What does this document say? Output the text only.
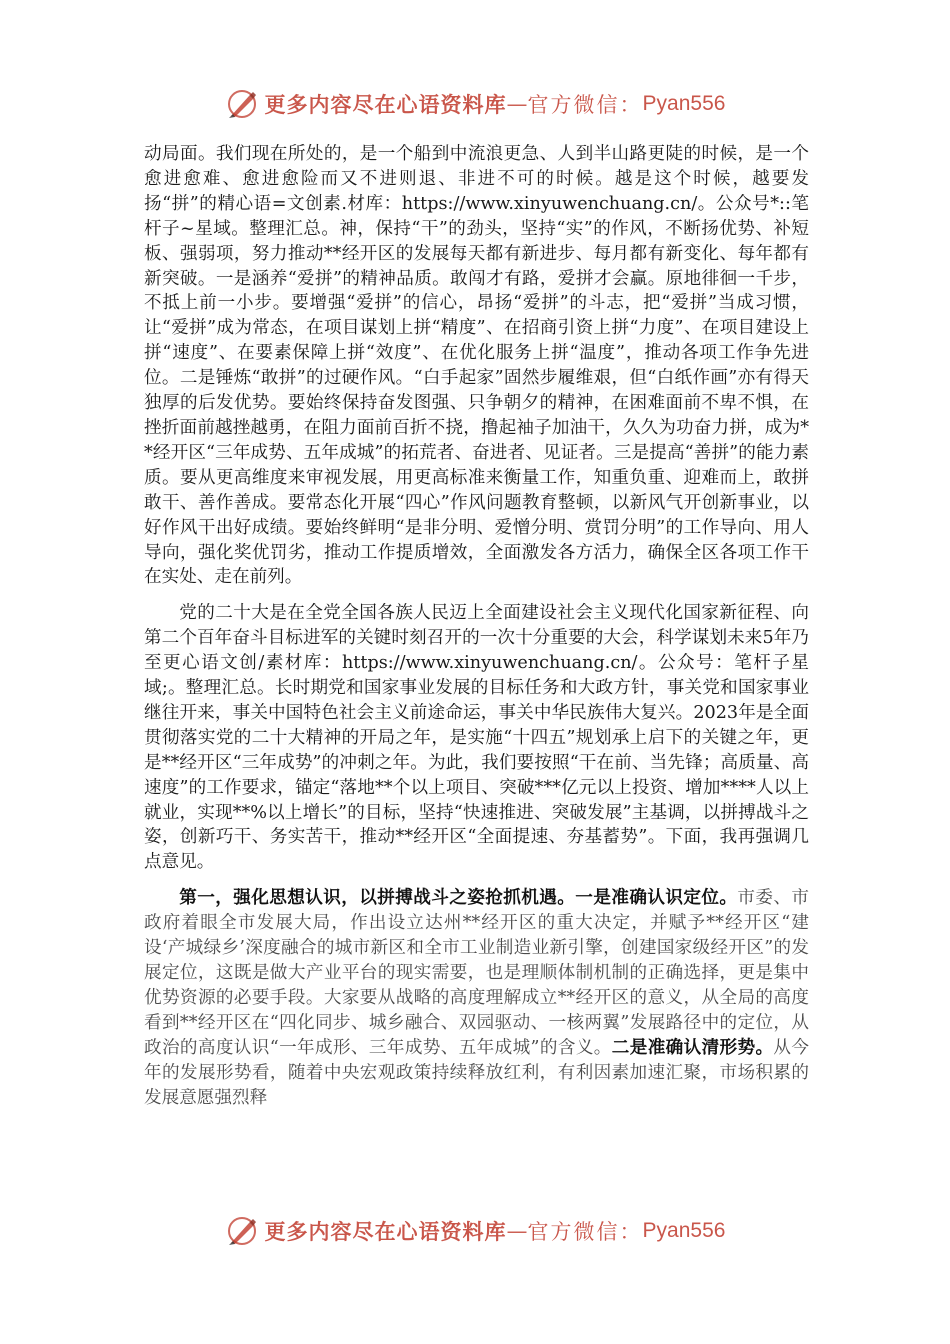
更多内容尽在心语资料库 — 官方微信： Pyan556

动局面。我们现在所处的，是一个船到中流浪更急、人到半山路更陡的时候，是一个愈进愈难、愈进愈险而又不进则退、非进不可的时候。越是这个时候，越要发扬“拼”的精心语=文创素.材库：https://www.xinyuwenchuang.cn/。公众号*::笔杆子~星域。整理汇总。神，保持“干”的劲头，坚持“实”的作风，不断扬优势、补短板、强弱项，努力推动**经开区的发展每天都有新进步、每月都有新变化、每年都有新突破。一是涵养“爱拼”的精神品质。敢闯才有路，爱拼才会赢。原地徘徊一千步，不抵上前一小步。要增强“爱拼”的信心，昂扬“爱拼”的斗志，把“爱拼”当成习惯，让“爱拼”成为常态，在项目谋划上拼“精度”、在招商引资上拼“力度”、在项目建设上拼“速度”、在要素保障上拼“效度”、在优化服务上拼“温度”，推动各项工作争先进位。二是锤炼“敢拼”的过硬作风。“白手起家”固然步履维艰，但“白纸作画”亦有得天独厚的后发优势。要始终保持奋发图强、只争朝夕的精神，在困难面前不卑不惧，在挫折面前越挫越勇，在阻力面前百折不挠，撸起袖子加油干，久久为功奋力拼，成为**经开区“三年成势、五年成城”的拓荒者、奋进者、见证者。三是提高“善拼”的能力素质。要从更高维度来审视发展，用更高标准来衡量工作，知重负重、迎难而上，敢拼敢干、善作善成。要常态化开展“四心”作风问题教育整顿，以新风气开创新事业，以好作风干出好成绩。要始终鲜明“是非分明、爱憎分明、赏罚分明”的工作导向、用人导向，强化奖优罚劣，推动工作提质增效，全面激发各方活力，确保全区各项工作干在实处、走在前列。

党的二十大是在全党全国各族人民迈上全面建设社会主义现代化国家新征程、向第二个百年奋斗目标进军的关键时刻召开的一次十分重要的大会，科学谋划未来5年乃至更心语文创/素材库：https://www.xinyuwenchuang.cn/。公众号：笔杆子星域;。整理汇总。长时期党和国家事业发展的目标任务和大政方针，事关党和国家事业继往开来，事关中国特色社会主义前途命运，事关中华民族伟大复兴。2023年是全面贯彻落实党的二十大精神的开局之年，是实施“十四五”规划承上启下的关键之年，更是**经开区“三年成势”的冲刺之年。为此，我们要按照“干在前、当先锋；高质量、高速度”的工作要求，锚定“落地**个以上项目、突破***亿元以上投资、增加****人以上就业，实现**%以上增长”的目标，坚持“快速推进、突破发展”主基调，以拼搏战斗之姿，创新巧干、务实苦干，推动**经开区“全面提速、夯基蓄势”。下面，我再强调几点意见。

第一，强化思想认识，以拼搏战斗之姿抢抓机遇。一是准确认识定位。市委、市政府着眼全市发展大局，作出设立达州**经开区的重大决定，并赋予**经开区“建设‘产城绿乡’深度融合的城市新区和全市工业制造业新引擎，创建国家级经开区”的发展定位，这既是做大产业平台的现实需要，也是理顺体制机制的正确选择，更是集中优势资源的必要手段。大家要从战略的高度理解成立**经开区的意义，从全局的高度看到**经开区在“四化同步、城乡融合、双园驱动、一核两翼”发展路径中的定位，从政治的高度认识“一年成形、三年成势、五年成城”的含义。二是准确认清形势。从今年的发展形势看，随着中央宏观政策持续释放红利，有利因素加速汇聚，市场积累的发展意愿强烈释

更多内容尽在心语资料库 — 官方微信： Pyan556
